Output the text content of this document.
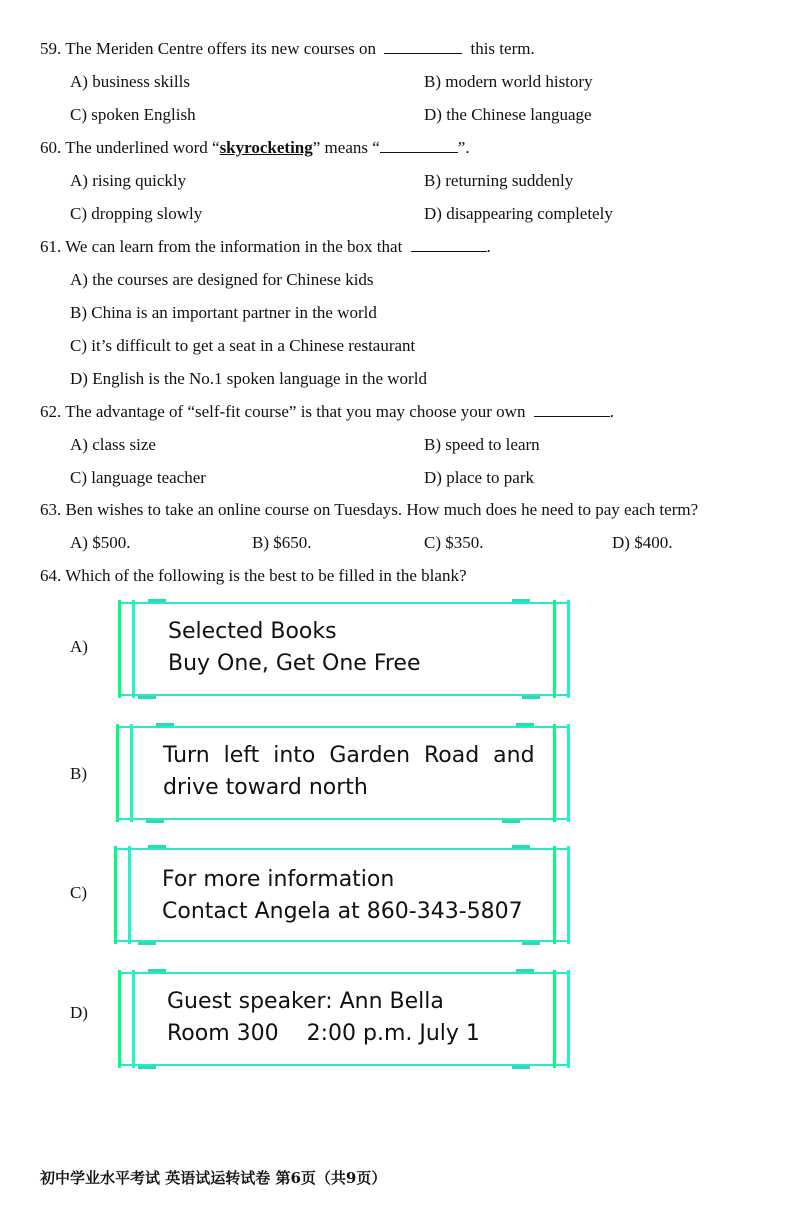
59. The Meriden Centre offers its new courses on	this term.
A) business skills	B) modern world history
C) spoken English	D) the Chinese language
60. The underlined word “skyrocketing” means “	”.
A) rising quickly	B) returning suddenly
C) dropping slowly	D) disappearing completely
61. We can learn from the information in the box that	.
A) the courses are designed for Chinese kids
B) China is an important partner in the world
C) it’s difficult to get a seat in a Chinese restaurant
D) English is the No.1 spoken language in the world
62. The advantage of “self-fit course” is that you may choose your own	.
A) class size	B) speed to learn
C) language teacher	D) place to park
63. Ben wishes to take an online course on Tuesdays. How much does he need to pay each term?
A) $500.	B) $650.	C) $350.	D) $400.
64. Which of the following is the best to be filled in the blank?
A)
Selected Books
Buy One, Get One Free
B)
Turn  left  into  Garden  Road  and
drive toward north
C)
For more information
Contact Angela at 860-343-5807
D)	Guest speaker: Ann Bella
Room 300    2:00 p.m. July 1
初中学业水平考试 英语试运转试卷 第6页（共9页）
